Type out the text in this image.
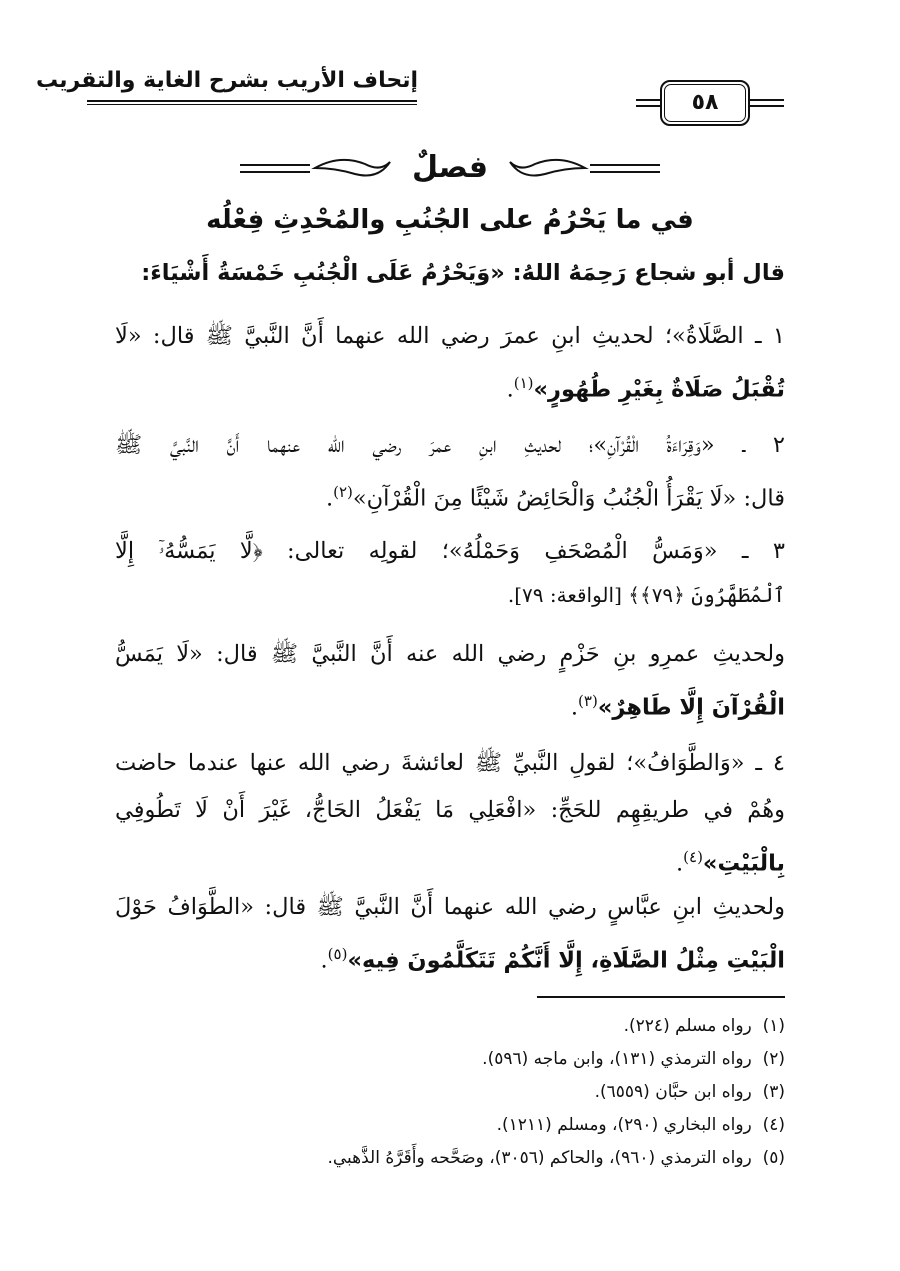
إتحاف الأريب بشرح الغاية والتقريب
٥٨
فصلٌ
في ما يَحْرُمُ على الجُنُبِ والمُحْدِثِ فِعْلُه
قال أبو شجاع رَحِمَهُ اللهُ: «وَيَحْرُمُ عَلَى الْجُنُبِ خَمْسَةُ أَشْيَاءَ:
١ ـ الصَّلَاةُ»؛ لحديثِ ابنِ عمرَ رضي الله عنهما أَنَّ النَّبيَّ ﷺ قال: «لَا
تُقْبَلُ صَلَاةٌ بِغَيْرِ طُهُورٍ»$^{(١)}$.
٢ ـ «وَقِرَاءَةُ الْقُرْآنِ»؛ لحديثِ ابنِ عمرَ رضي الله عنهما أَنَّ النَّبيَّ ﷺ
قال: «لَا يَقْرَأُ الْجُنُبُ وَالْحَائِضُ شَيْئًا مِنَ الْقُرْآنِ»$^{(٢)}$.
٣ ـ «وَمَسُّ الْمُصْحَفِ وَحَمْلُهُ»؛ لقولِه تعالى: ﴿لَّا يَمَسُّهُۥٓ إِلَّا
ٱلْمُطَهَّرُونَ ﴿٧٩﴾﴾ [الواقعة: ٧٩].
ولحديثِ عمرِو بنِ حَزْمٍ رضي الله عنه أَنَّ النَّبيَّ ﷺ قال: «لَا يَمَسُّ
الْقُرْآنَ إِلَّا طَاهِرٌ»$^{(٣)}$.
٤ ـ «وَالطَّوَافُ»؛ لقولِ النَّبيِّ ﷺ لعائشةَ رضي الله عنها عندما حاضت
وهُمْ في طريقِهِم للحَجِّ: «افْعَلِي مَا يَفْعَلُ الحَاجُّ، غَيْرَ أَنْ لَا تَطُوفِي
بِالْبَيْتِ»$^{(٤)}$.
ولحديثِ ابنِ عبَّاسٍ رضي الله عنهما أَنَّ النَّبيَّ ﷺ قال: «الطَّوَافُ حَوْلَ
الْبَيْتِ مِثْلُ الصَّلَاةِ، إِلَّا أَنَّكُمْ تَتَكَلَّمُونَ فِيهِ»$^{(٥)}$.
(١)  رواه مسلم (٢٢٤).
(٢)  رواه الترمذي (١٣١)، وابن ماجه (٥٩٦).
(٣)  رواه ابن حبَّان (٦٥٥٩).
(٤)  رواه البخاري (٢٩٠)، ومسلم (١٢١١).
(٥)  رواه الترمذي (٩٦٠)، والحاكم (٣٠٥٦)، وصَحَّحه وأَقَرَّهُ الذَّهبي.
